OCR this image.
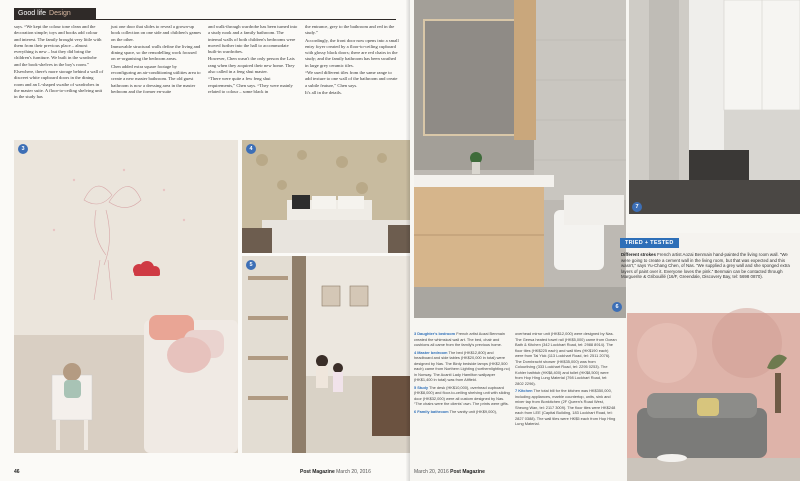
Good life Design

says. “We kept the colour tone clean and the decoration simple; toys and books add colour and interest. The family brought very little with them from their previous place – almost everything is new – but they did bring the children's furniture. We built in the wardrobe and the book-shelves in the boy's room.”

Elsewhere, there's more storage behind a wall of discreet white cupboard doors in the dining room and an L-shaped swathe of wardrobes in the master suite. A floor-to-ceiling shelving unit in the study has

just one door that slides to reveal a grown-up book collection on one side and children's games on the other.

Immovable structural walls define the living and dining space, so the remodelling work focused on re-organising the bedroom areas.

Chen added extra square footage by reconfiguring an air-conditioning utilities area to create a new master bathroom. The old guest bathroom is now a dressing area in the master bedroom and the former en-suite

and walk-through wardrobe has been turned into a study nook and a family bathroom. The internal walls of both children's bedrooms were moved further into the hall to accommodate built-in wardrobes.

However, Chen wasn't the only person the Lais rang when they acquired their new home. They also called in a feng shui master.

“There were quite a few feng shui requirements,” Chen says. “They were mainly related to colour – some black in

the entrance, grey to the bathroom and red in the study.”

Accordingly, the front door now opens into a small entry foyer created by a floor-to-ceiling cupboard with glossy black doors; there are red chairs in the study; and the family bathroom has been swathed in large grey ceramic tiles.

“We used different tiles from the same range to add texture to one wall of the bathroom and create a subtle feature,” Chen says.

It's all in the details.

3	4
5
46	Post Magazine March 20, 2016
6
7

3 Daughter's bedroom French artist Aozai Benmain created the whimsical wall art. The bed, chair and cushions all came from the family's previous home.

4 Master bedroom The bed (HK$12,800) and headboard and side tables (HK$20,000 in total) were designed by Nas. The Birdy bedside lamps (HK$2,500 each) came from Northern Lighting (northernlighting.no) in Norway. The Acanti Lady Hamilton wallpaper (HK$1,400 in total) was from Altfield.

5 Study The desk (HK$10,000), overhead cupboard (HK$8,000) and floor-to-ceiling shelving unit with sliding door (HK$32,000) were all custom designed by Nas. “The chairs were the clients' own. The prints were gifts.

6 Family bathroom The vanity unit (HK$9,000),

overhead mirror unit (HK$12,000) were designed by Nas. The Geesa heated towel rail (HK$5,000) came from Ocean Bath & Kitchen (342 Lockhart Road, tel: 2988 8914). The floor tiles (HK$225 each) and wall tiles (HK$190 each) were from Tai Yick (113 Lockhart Road, tel: 2511 2076). The Dornbracht shower (HK$35,000) was from Colourliving (333 Lockhart Road, tel: 2295 0253). The Kohler bathtub (HK$8,400) and toilet (HK$8,500) were from Hop Hing Lung Material (798 Lockhart Road, tel: 2802 2296).

7 Kitchen The total bill for the kitchen was HK$350,000, including appliances, marble countertop, units, sink and mixer tap from Bonkitchen (2F Queen's Road West, Sheung Wan, tel: 2117 3009). The floor tiles were HK$248 each from LEE (Capital Building, 183 Lockhart Road, tel: 2827 0388). The wall tiles were HK$5 each from Hop Hing Lung Material.

March 20, 2016 Post Magazine
TRIED + TESTED
Different strokes French artist Aozai Benmain hand-painted the living room wall. “We were going to create a cement wall in the living room, but that was expected and this wasn't,” says Yu-Chang Chen, of Nas. “We supplied a grey wall and she sponged extra layers of paint over it. Everyone loves the pink.” Benmain can be contacted through Marguerite & Gribouillé (16/F, Greendale, Discovery Bay, tel: 5698 0870).
